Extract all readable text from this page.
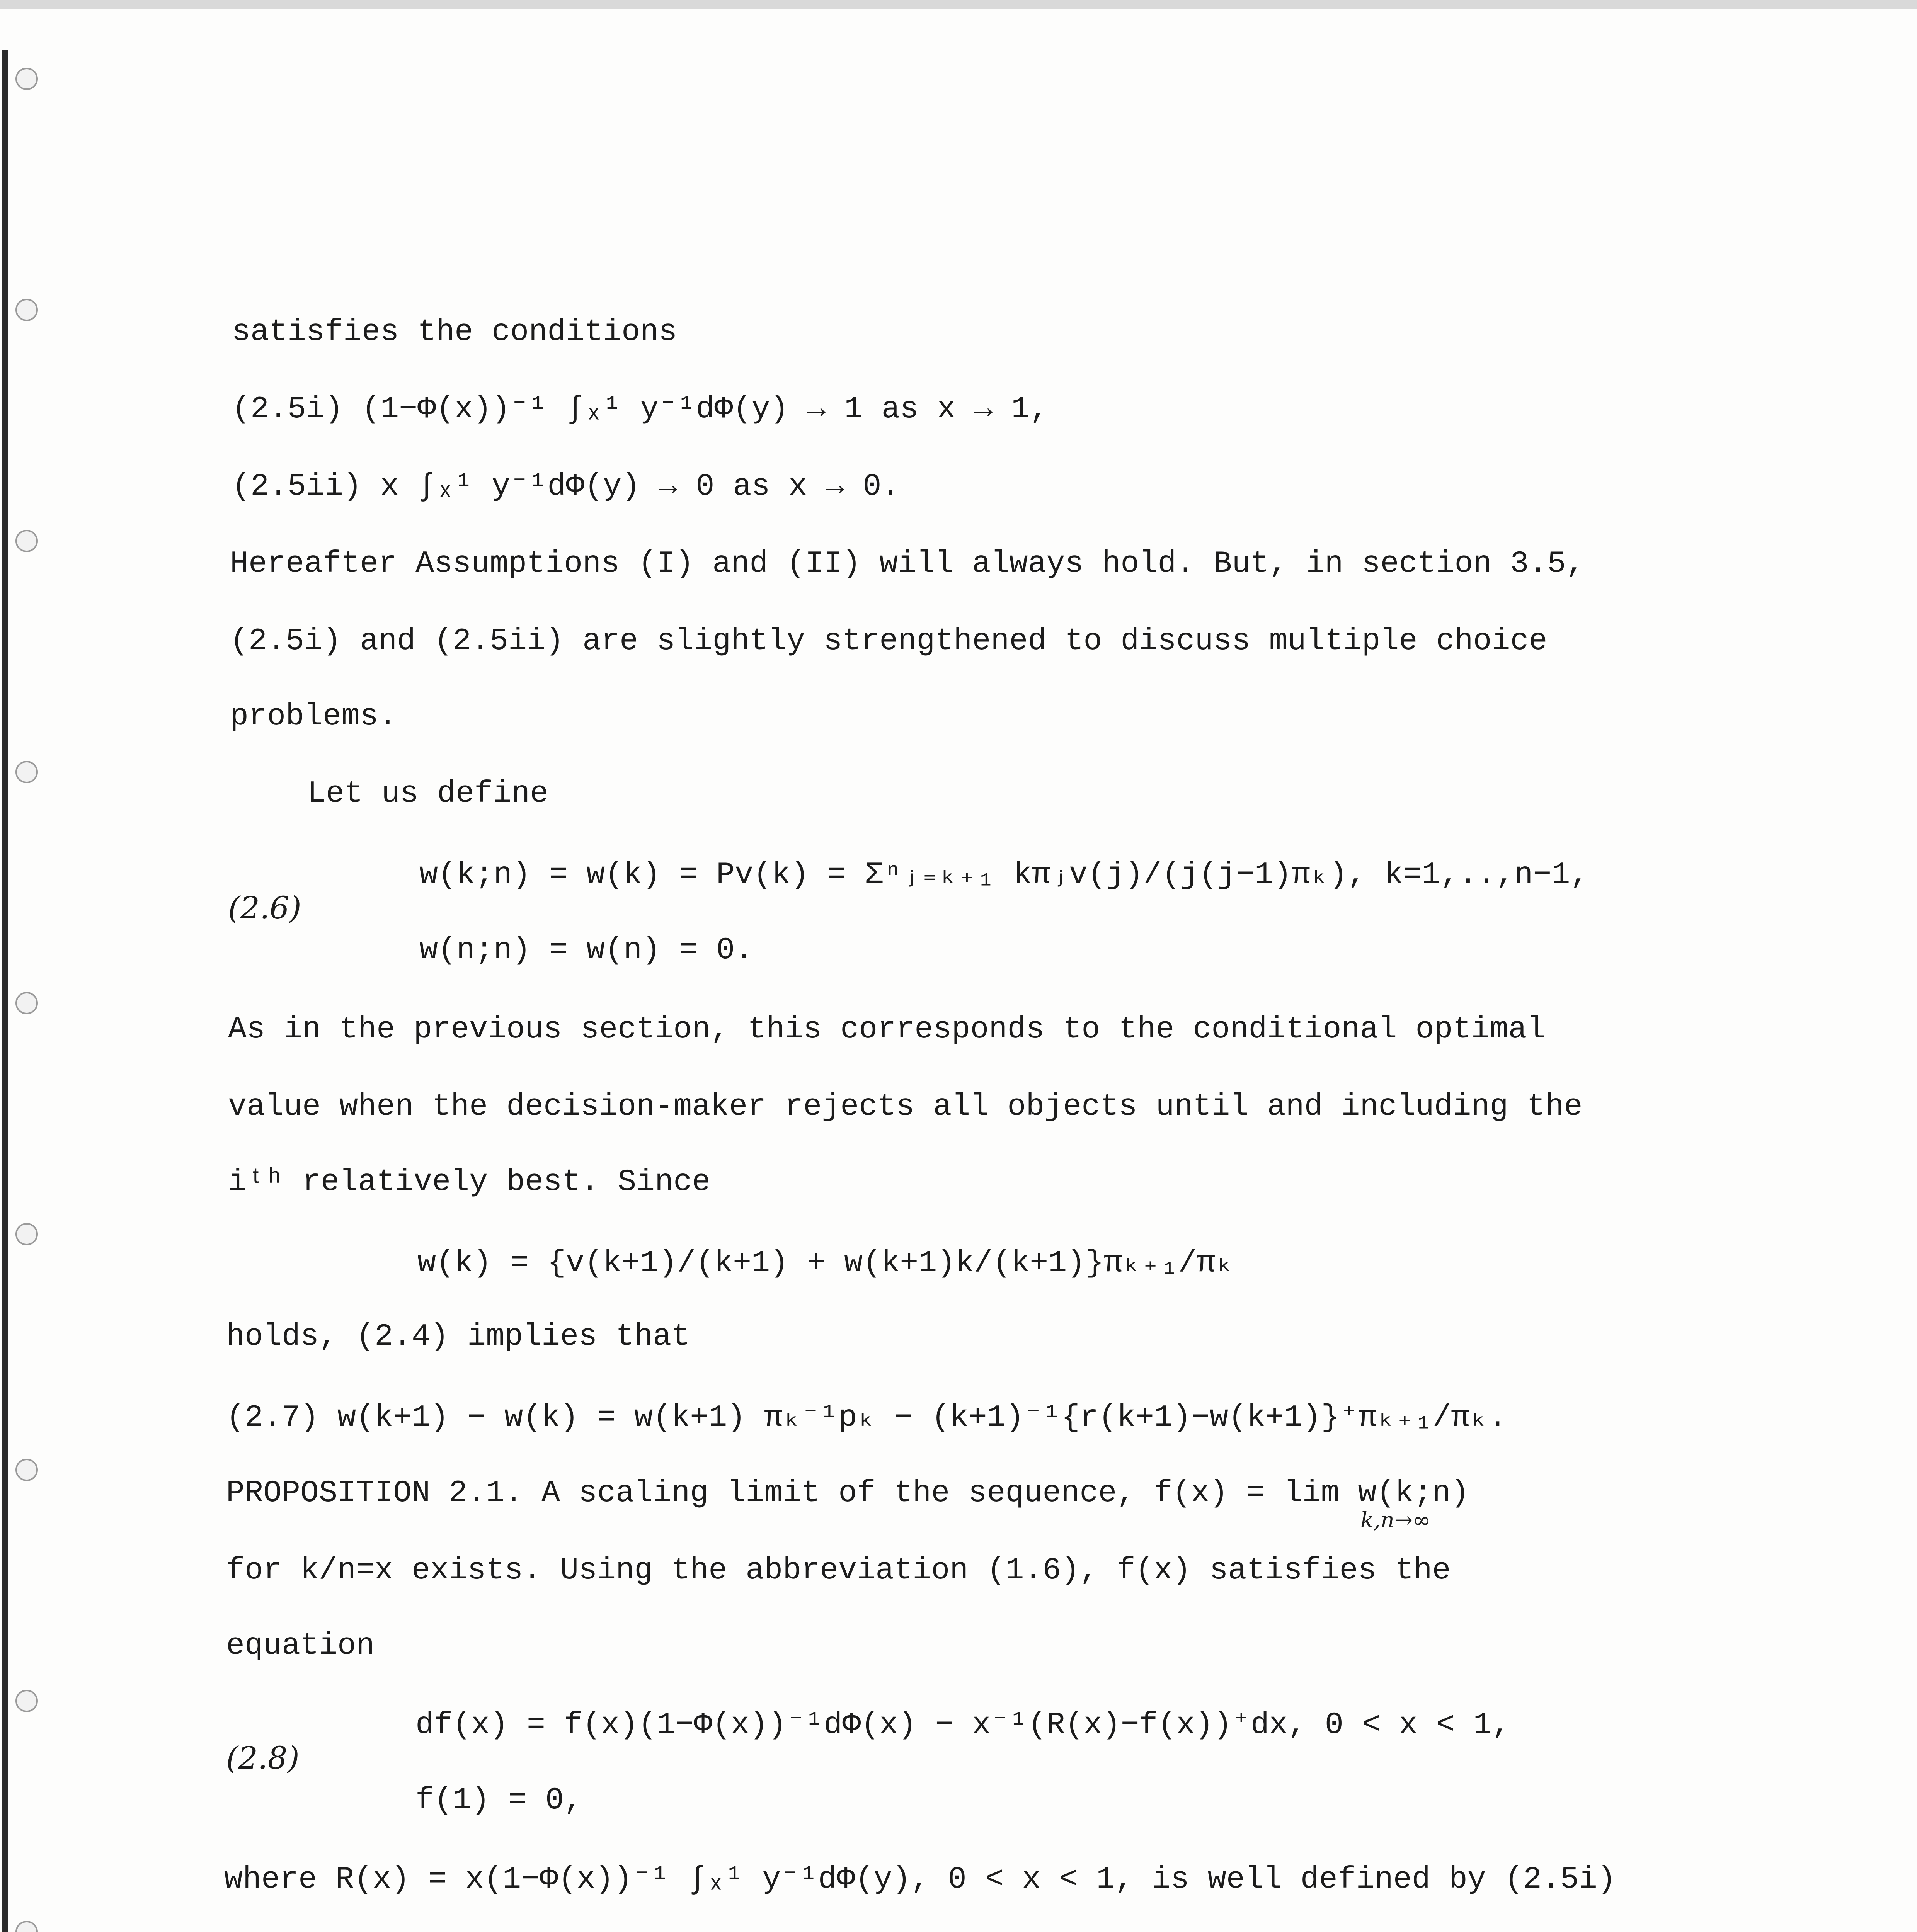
satisfies the conditions
(2.5i) (1−Φ(x))⁻¹ ∫ₓ¹ y⁻¹dΦ(y) → 1 as x → 1,
(2.5ii) x ∫ₓ¹ y⁻¹dΦ(y) → 0 as x → 0.
Hereafter Assumptions (I) and (II) will always hold. But, in section 3.5,
(2.5i) and (2.5ii) are slightly strengthened to discuss multiple choice
problems.
Let us define
w(k;n) = w(k) = Pv(k) = Σⁿⱼ₌ₖ₊₁ kπⱼv(j)/(j(j−1)πₖ), k=1,..,n−1,
(2.6)
w(n;n) = w(n) = 0.
As in the previous section, this corresponds to the conditional optimal
value when the decision-maker rejects all objects until and including the
iᵗʰ relatively best. Since
w(k) = {v(k+1)/(k+1) + w(k+1)k/(k+1)}πₖ₊₁/πₖ
holds, (2.4) implies that
(2.7) w(k+1) − w(k) = w(k+1) πₖ⁻¹pₖ − (k+1)⁻¹{r(k+1)−w(k+1)}⁺πₖ₊₁/πₖ.
PROPOSITION 2.1. A scaling limit of the sequence, f(x) = lim w(k;n)
k,n→∞
for k/n=x exists. Using the abbreviation (1.6), f(x) satisfies the
equation
df(x) = f(x)(1−Φ(x))⁻¹dΦ(x) − x⁻¹(R(x)−f(x))⁺dx, 0 < x < 1,
(2.8)
f(1) = 0,
where R(x) = x(1−Φ(x))⁻¹ ∫ₓ¹ y⁻¹dΦ(y), 0 < x < 1, is well defined by (2.5i)
